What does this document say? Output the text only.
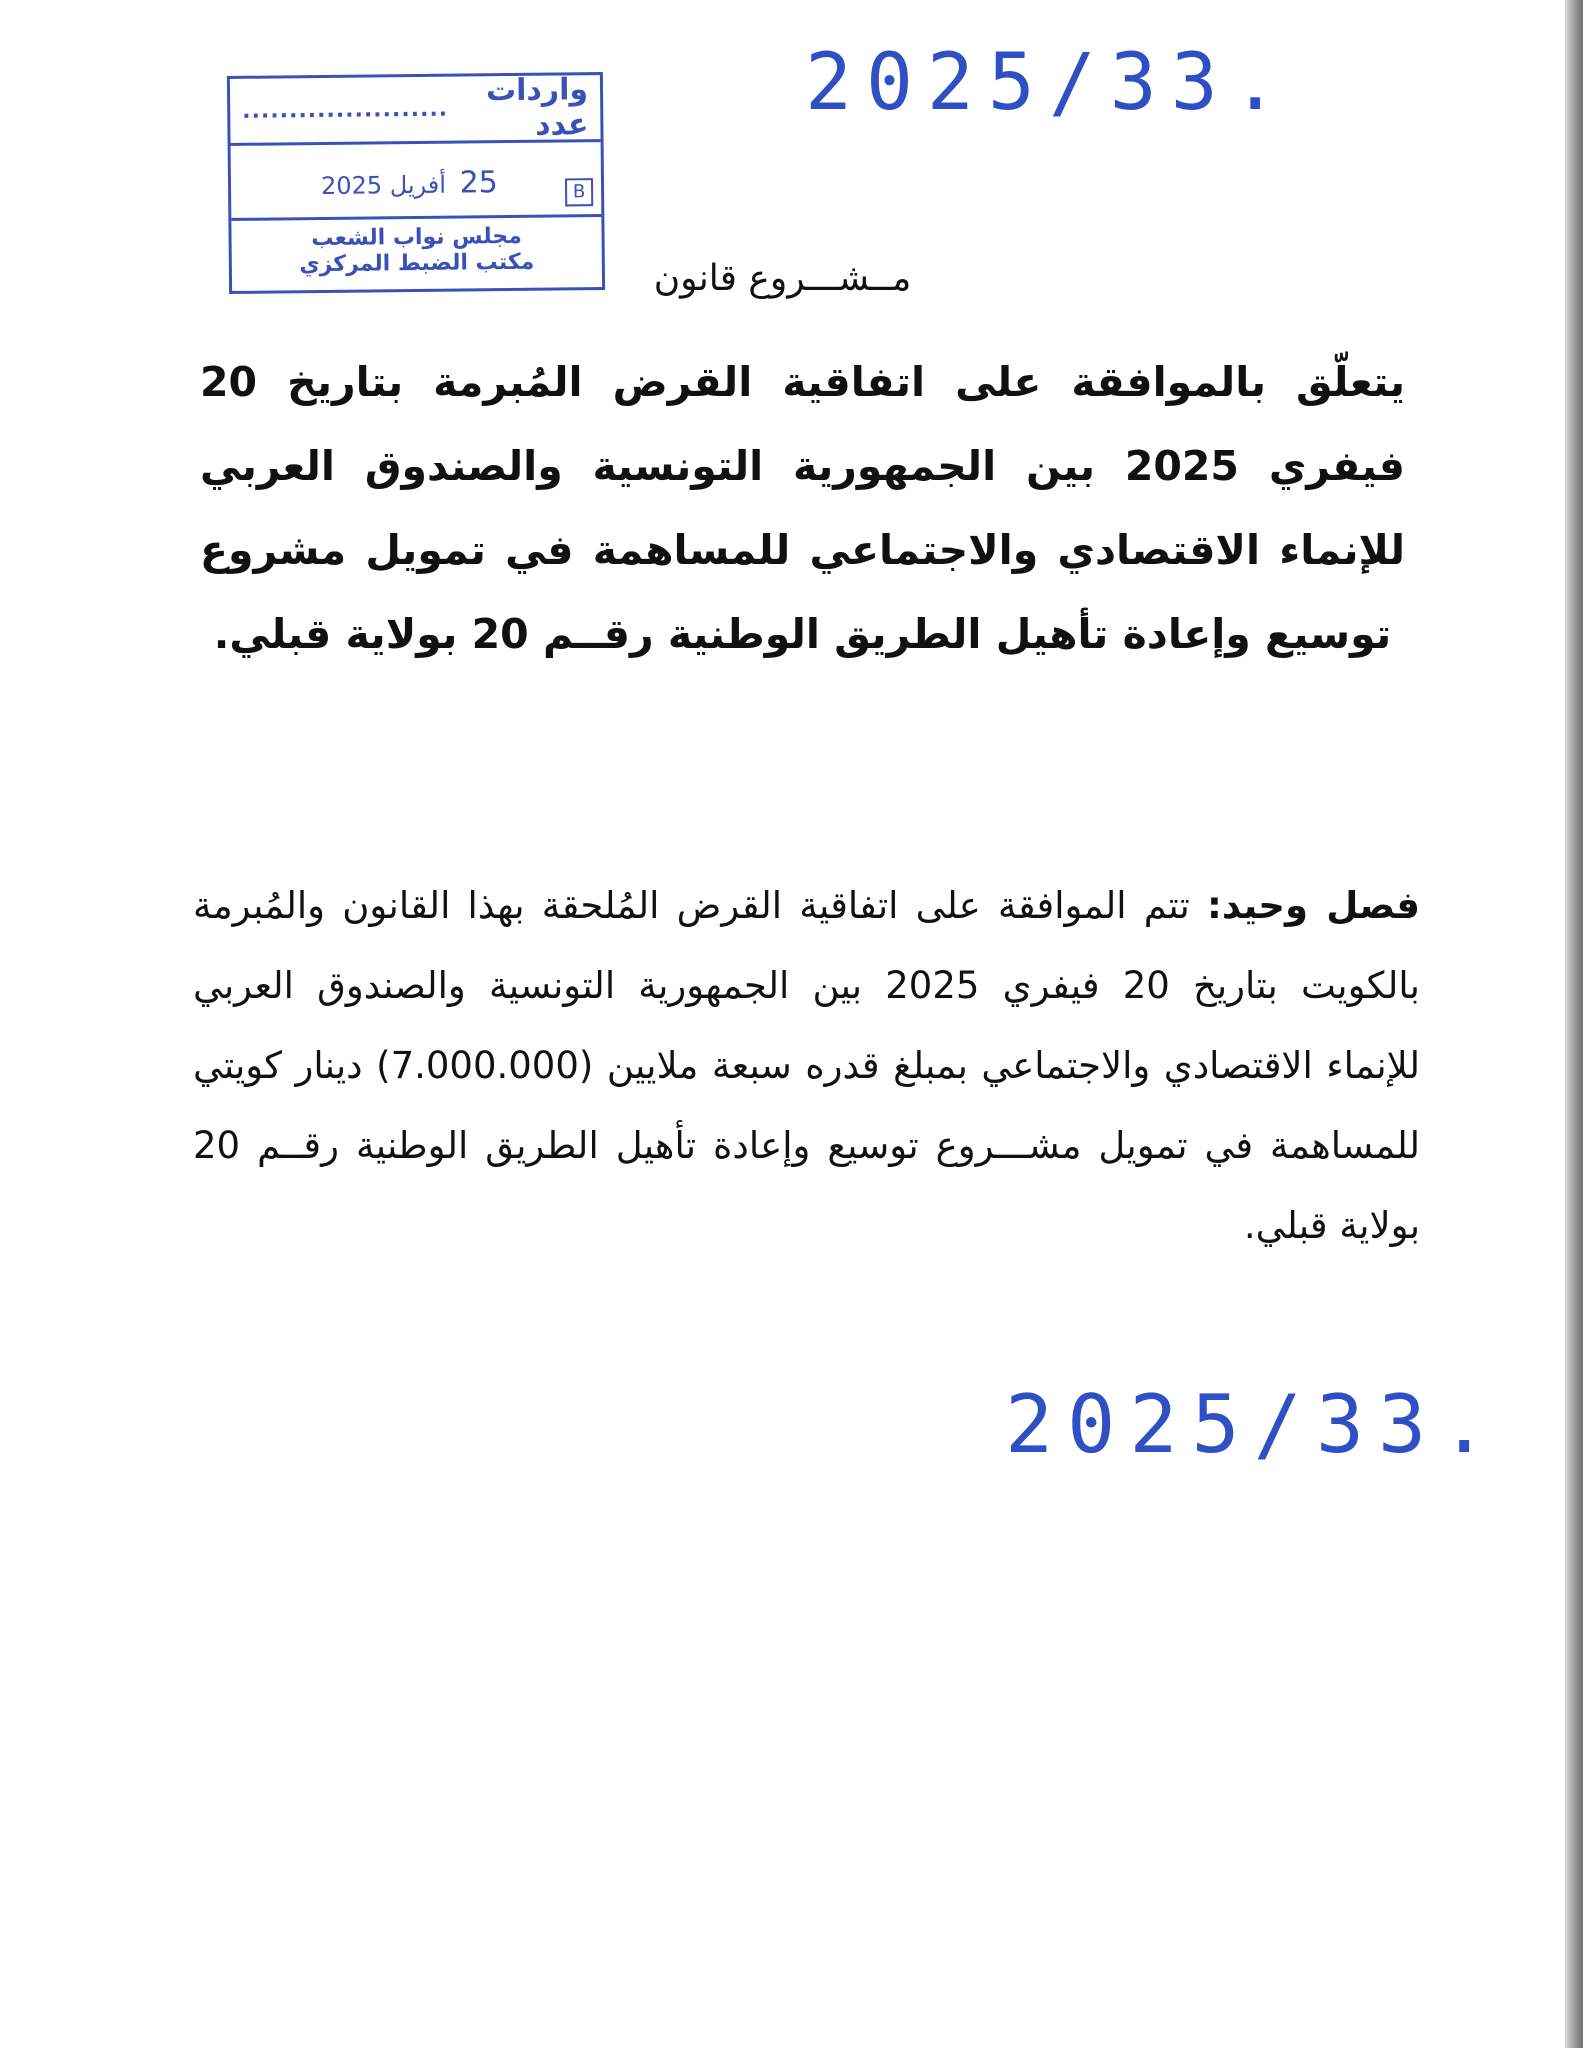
2025/33.
واردات عدد
......................
25 أفريل 2025	B
مجلس نواب الشعب
مكتب الضبط المركزي	مــشـــروع قانون
يتعلّق بالموافقة على اتفاقية القرض المُبرمة بتاريخ 20 فيفري 2025 بين الجمهورية التونسية والصندوق العربي للإنماء الاقتصادي والاجتماعي للمساهمة في تمويل مشروع توسيع وإعادة تأهيل الطريق الوطنية رقــم 20 بولاية قبلي.
فصل وحيد: تتم الموافقة على اتفاقية القرض المُلحقة بهذا القانون والمُبرمة بالكويت بتاريخ 20 فيفري 2025 بين الجمهورية التونسية والصندوق العربي للإنماء الاقتصادي والاجتماعي بمبلغ قدره سبعة ملايين (7.000.000) دينار كويتي للمساهمة في تمويل مشـــروع توسيع وإعادة تأهيل الطريق الوطنية رقــم 20 بولاية قبلي.
2025/33.
